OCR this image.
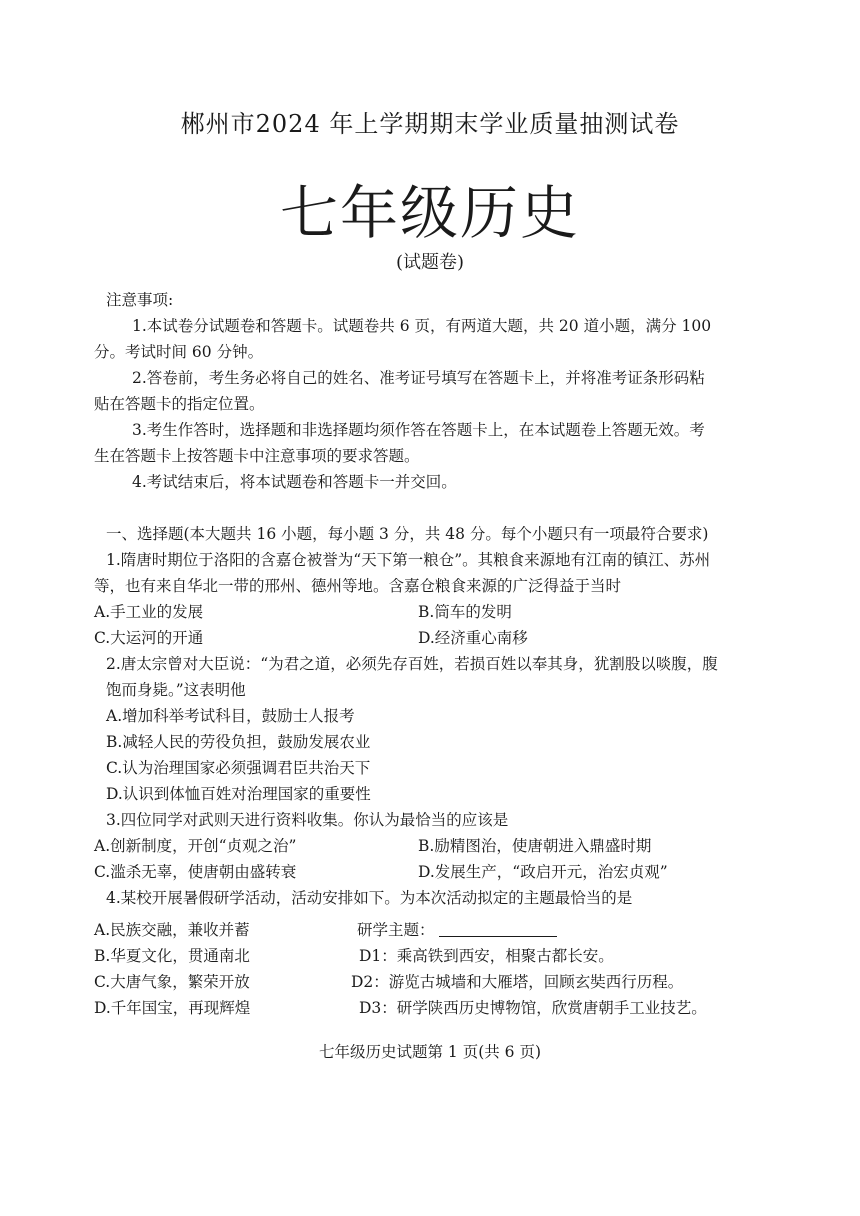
郴州市2024 年上学期期末学业质量抽测试卷
七年级历史
(试题卷)
注意事项:
1.本试卷分试题卷和答题卡。试题卷共 6 页，有两道大题，共 20 道小题，满分 100
分。考试时间 60 分钟。
2.答卷前，考生务必将自己的姓名、准考证号填写在答题卡上，并将准考证条形码粘
贴在答题卡的指定位置。
3.考生作答时，选择题和非选择题均须作答在答题卡上，在本试题卷上答题无效。考
生在答题卡上按答题卡中注意事项的要求答题。
4.考试结束后，将本试题卷和答题卡一并交回。
一、选择题(本大题共 16 小题，每小题 3 分，共 48 分。每个小题只有一项最符合要求)
1.隋唐时期位于洛阳的含嘉仓被誉为“天下第一粮仓”。其粮食来源地有江南的镇江、苏州
等，也有来自华北一带的邢州、德州等地。含嘉仓粮食来源的广泛得益于当时
A.手工业的发展	B.筒车的发明
C.大运河的开通	D.经济重心南移
2.唐太宗曾对大臣说：“为君之道，必须先存百姓，若损百姓以奉其身，犹割股以啖腹，腹
饱而身毙。”这表明他
A.增加科举考试科目，鼓励士人报考
B.减轻人民的劳役负担，鼓励发展农业
C.认为治理国家必须强调君臣共治天下
D.认识到体恤百姓对治理国家的重要性
3.四位同学对武则天进行资料收集。你认为最恰当的应该是
A.创新制度，开创“贞观之治”	B.励精图治，使唐朝进入鼎盛时期
C.滥杀无辜，使唐朝由盛转衰	D.发展生产，“政启开元，治宏贞观”
4.某校开展暑假研学活动，活动安排如下。为本次活动拟定的主题最恰当的是
A.民族交融，兼收并蓄
B.华夏文化，贯通南北
C.大唐气象，繁荣开放
D.千年国宝，再现辉煌
研学主题：
D1：乘高铁到西安，相聚古都长安。
D2：游览古城墙和大雁塔，回顾玄奘西行历程。
D3：研学陕西历史博物馆，欣赏唐朝手工业技艺。
七年级历史试题第 1 页(共 6 页)
